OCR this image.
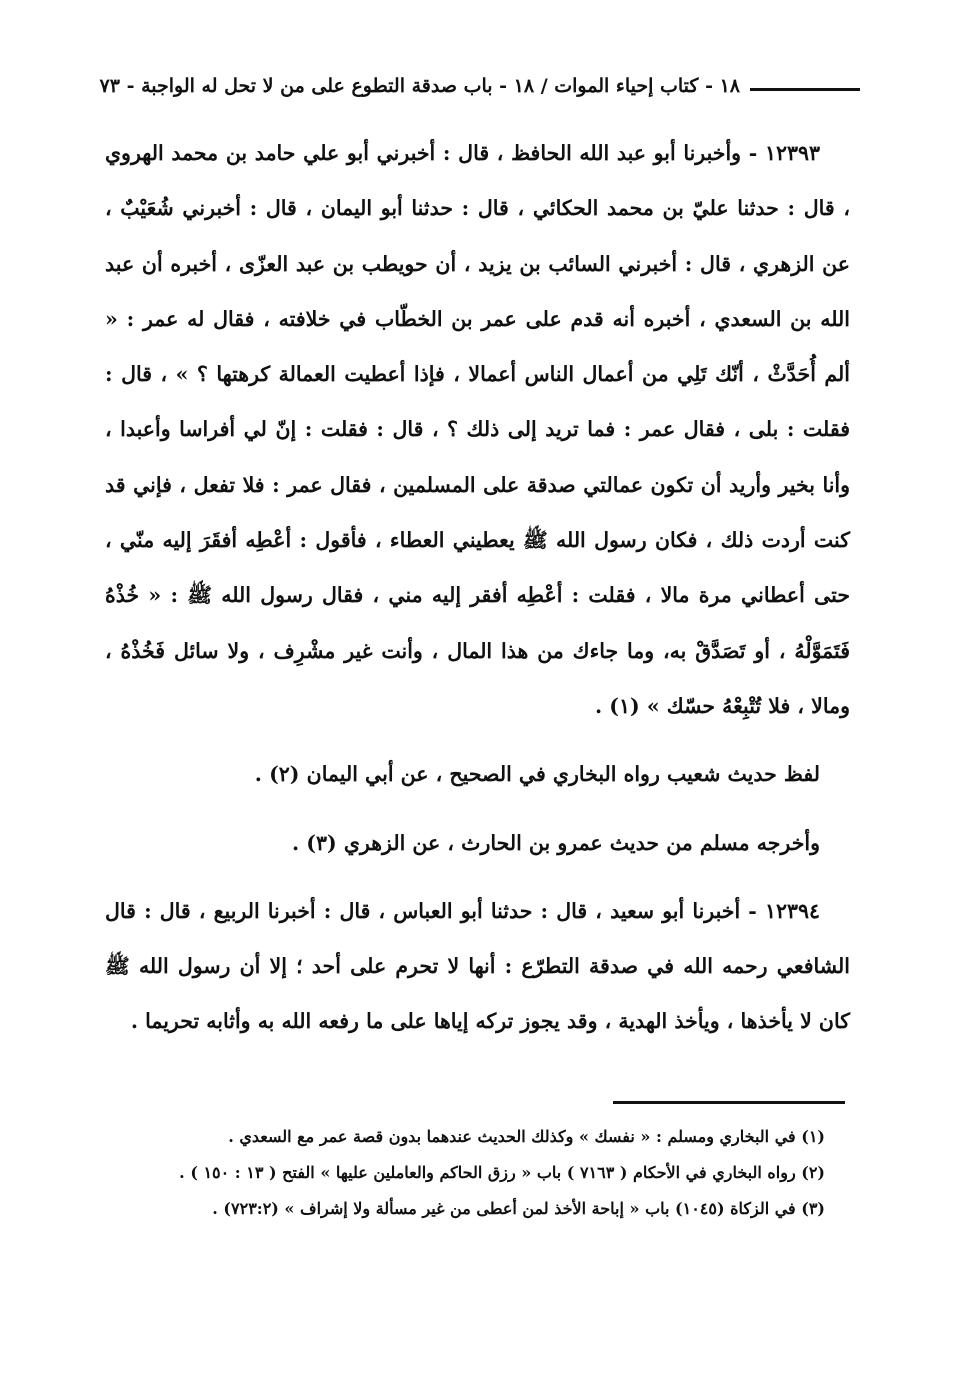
١٨ - كتاب إحياء الموات / ١٨ - باب صدقة التطوع على من لا تحل له الواجبة - ٧٣

١٢٣٩٣ - وأخبرنا أبو عبد الله الحافظ ، قال : أخبرني أبو علي حامد بن محمد الهروي ، قال : حدثنا عليّ بن محمد الحكائي ، قال : حدثنا أبو اليمان ، قال : أخبرني شُعَيْبٌ ، عن الزهري ، قال : أخبرني السائب بن يزيد ، أن حويطب بن عبد العزّى ، أخبره أن عبد الله بن السعدي ، أخبره أنه قدم على عمر بن الخطّاب في خلافته ، فقال له عمر : « ألم أُحَدَّثْ ، أنّك تَلِي من أعمال الناس أعمالا ، فإذا أعطيت العمالة كرهتها ؟ » ، قال : فقلت : بلى ، فقال عمر : فما تريد إلى ذلك ؟ ، قال : فقلت : إنّ لي أفراسا وأعبدا ، وأنا بخير وأريد أن تكون عمالتي صدقة على المسلمين ، فقال عمر : فلا تفعل ، فإني قد كنت أردت ذلك ، فكان رسول الله ﷺ يعطيني العطاء ، فأقول : أعْطِه أفقَرَ إليه منّي ، حتى أعطاني مرة مالا ، فقلت : أعْطِه أفقر إليه مني ، فقال رسول الله ﷺ : « خُذْهُ فَتَمَوَّلْهُ ، أو تَصَدَّقْ به، وما جاءك من هذا المال ، وأنت غير مشْرِف ، ولا سائل فَخُذْهُ ، ومالا ، فلا تُتْبِعْهُ حسّك » (١) .

لفظ حديث شعيب رواه البخاري في الصحيح ، عن أبي اليمان (٢) .

وأخرجه مسلم من حديث عمرو بن الحارث ، عن الزهري (٣) .

١٢٣٩٤ - أخبرنا أبو سعيد ، قال : حدثنا أبو العباس ، قال : أخبرنا الربيع ، قال : قال الشافعي رحمه الله في صدقة التطرّع : أنها لا تحرم على أحد ؛ إلا أن رسول الله ﷺ كان لا يأخذها ، ويأخذ الهدية ، وقد يجوز تركه إياها على ما رفعه الله به وأثابه تحريما .

(١) في البخاري ومسلم : « نفسك » وكذلك الحديث عندهما بدون قصة عمر مع السعدي .

(٢) رواه البخاري في الأحكام ( ٧١٦٣ ) باب « رزق الحاكم والعاملين عليها » الفتح ( ١٣ : ١٥٠ ) .

(٣) في الزكاة (١٠٤٥) باب « إباحة الأخذ لمن أعطى من غير مسألة ولا إشراف » (٧٢٣:٢) .
